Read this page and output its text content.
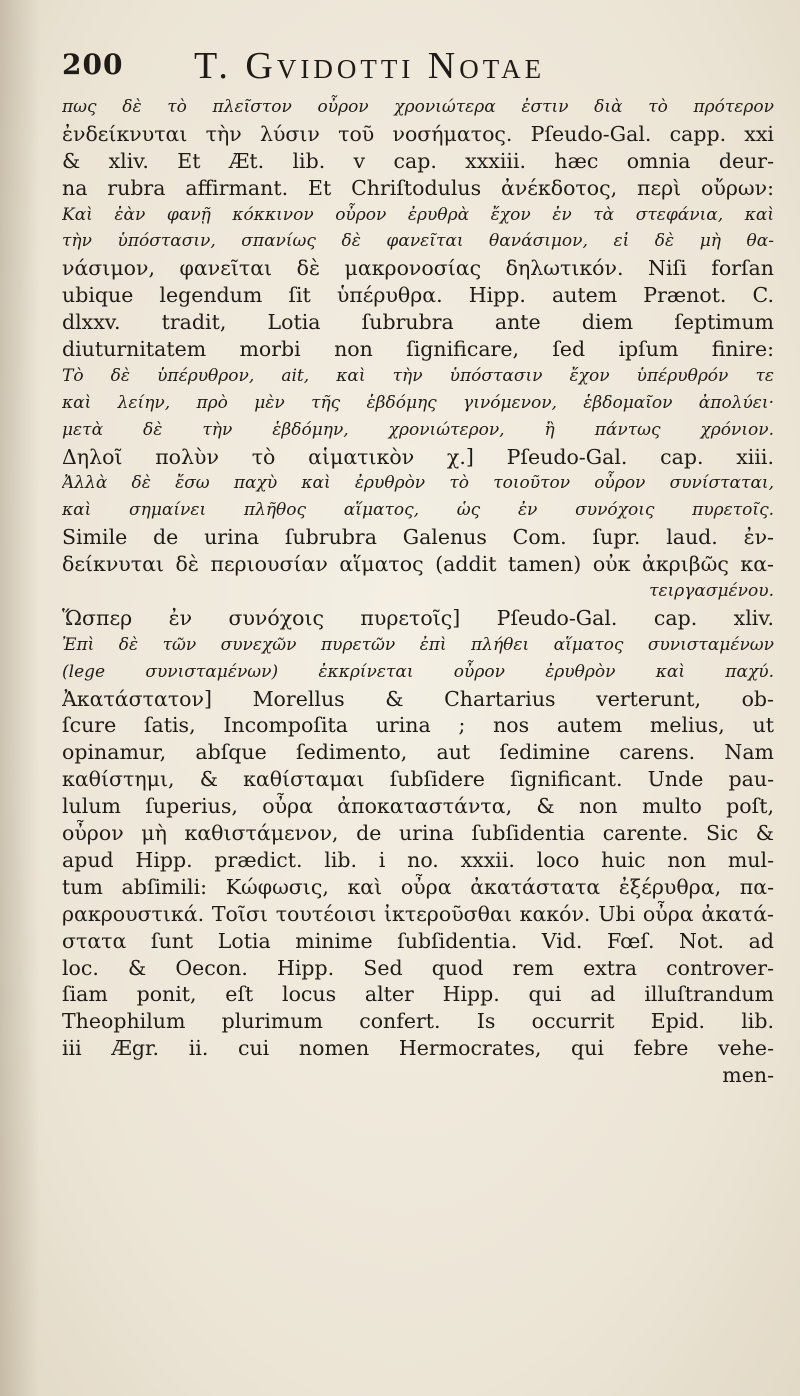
200 T. Gvidotti Notae
πως δὲ τὸ πλεῖστον οὖρον χρονιώτερα ἐστιν διὰ τὸ πρότερον
ἐνδείκνυται τὴν λύσιν τοῦ νοσήματος. Pſeudo-Gal. capp. xxi
& xliv. Et Æt. lib. v cap. xxxiii. hæc omnia deur-
na rubra affirmant. Et Chriſtodulus ἀνέκδοτος, περὶ οὔρων:
Καὶ ἐὰν φανῇ κόκκινον οὖρον ἐρυθρὰ ἔχον ἐν τὰ στεφάνια, καὶ
τὴν ὑπόστασιν, σπανίως δὲ φανεῖται θανάσιμον, εἰ δὲ μὴ θα-
νάσιμον, φανεῖται δὲ μακρονοσίας δηλωτικόν. Niſi forſan
ubique legendum ſit ὑπέρυθρα. Hipp. autem Prænot. C.
dlxxv. tradit, Lotia ſubrubra ante diem ſeptimum
diuturnitatem morbi non ſignificare, ſed ipſum finire:
Τὸ δὲ ὑπέρυθρον, ait, καὶ τὴν ὑπόστασιν ἔχον ὑπέρυθρόν τε
καὶ λείην, πρὸ μὲν τῆς ἑβδόμης γινόμενον, ἑβδομαῖον ἀπολύει·
μετὰ δὲ τὴν ἑβδόμην, χρονιώτερον, ἢ πάντως χρόνιον.
Δηλοῖ πολὺν τὸ αἱματικὸν χ.] Pſeudo-Gal. cap. xiii.
Ἀλλὰ δὲ ἔσω παχὺ καὶ ἐρυθρὸν τὸ τοιοῦτον οὖρον συνίσταται,
καὶ σημαίνει πλῆθος αἵματος, ὡς ἐν συνόχοις πυρετοῖς.
Simile de urina ſubrubra Galenus Com. ſupr. laud. ἐν-
δείκνυται δὲ περιουσίαν αἵματος (addit tamen) οὐκ ἀκριβῶς κα-
τειργασμένου.
Ὥσπερ ἐν συνόχοις πυρετοῖς] Pſeudo-Gal. cap. xliv.
Ἐπὶ δὲ τῶν συνεχῶν πυρετῶν ἐπὶ πλήθει αἵματος συνισταμένων
(lege συνισταμένων) ἐκκρίνεται οὖρον ἐρυθρὸν καὶ παχύ.
Ἀκατάστατον] Morellus & Chartarius verterunt, ob-
ſcure ſatis, Incompoſita urina ; nos autem melius, ut
opinamur, abſque ſedimento, aut ſedimine carens. Nam
καθίστημι, & καθίσταμαι ſubſidere ſignificant. Unde pau-
lulum ſuperius, οὖρα ἀποκαταστάντα, & non multo poſt,
οὖρον μὴ καθιστάμενον, de urina ſubſidentia carente. Sic &
apud Hipp. prædict. lib. i no. xxxii. loco huic non mul-
tum abſimili: Κώφωσις, καὶ οὖρα ἀκατάστατα ἐξέρυθρα, πα-
ρακρουστικά. Τοῖσι τουτέοισι ἰκτεροῦσθαι κακόν. Ubi οὖρα ἀκατά-
στατα ſunt Lotia minime ſubſidentia. Vid. Fœſ. Not. ad
loc. & Oecon. Hipp. Sed quod rem extra controver-
ſiam ponit, eſt locus alter Hipp. qui ad illuſtrandum
Theophilum plurimum confert. Is occurrit Epid. lib.
iii Ægr. ii. cui nomen Hermocrates, qui febre vehe-
men-
